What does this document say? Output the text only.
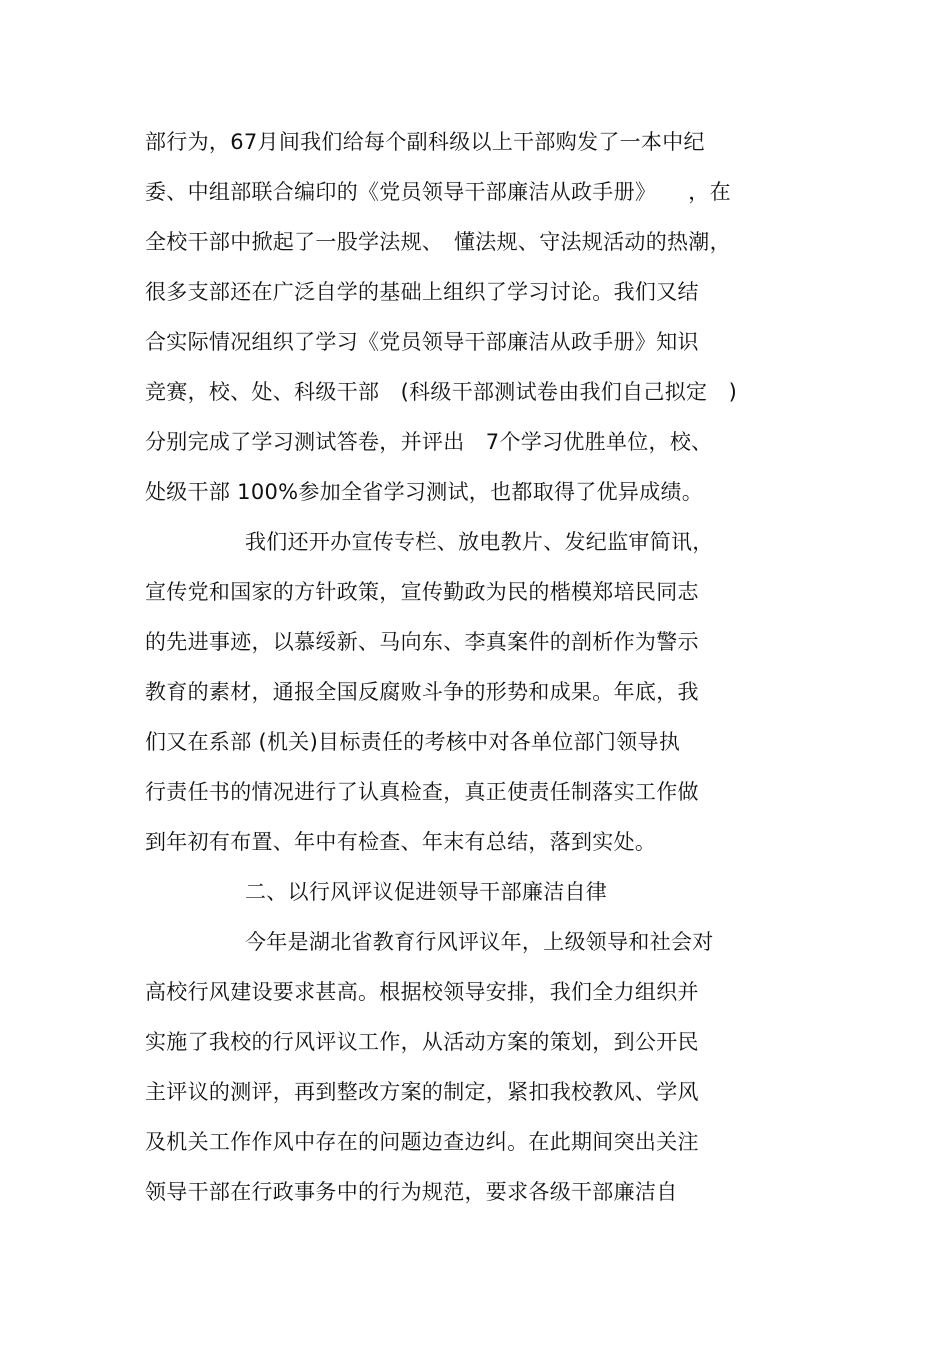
部行为，67月间我们给每个副科级以上干部购发了一本中纪
委、中组部联合编印的《党员领导干部廉洁从政手册》　　，在
全校干部中掀起了一股学法规、　懂法规、守法规活动的热潮，
很多支部还在广泛自学的基础上组织了学习讨论。我们又结
合实际情况组织了学习《党员领导干部廉洁从政手册》知识
竞赛，校、处、科级干部　(科级干部测试卷由我们自己拟定　)
分别完成了学习测试答卷，并评出　7个学习优胜单位，校、
处级干部 100%参加全省学习测试，也都取得了优异成绩。
我们还开办宣传专栏、放电教片、发纪监审简讯，
宣传党和国家的方针政策，宣传勤政为民的楷模郑培民同志
的先进事迹，以慕绥新、马向东、李真案件的剖析作为警示
教育的素材，通报全国反腐败斗争的形势和成果。年底，我
们又在系部 (机关)目标责任的考核中对各单位部门领导执
行责任书的情况进行了认真检查，真正使责任制落实工作做
到年初有布置、年中有检查、年末有总结，落到实处。
二、以行风评议促进领导干部廉洁自律
今年是湖北省教育行风评议年，上级领导和社会对
高校行风建设要求甚高。根据校领导安排，我们全力组织并
实施了我校的行风评议工作，从活动方案的策划，到公开民
主评议的测评，再到整改方案的制定，紧扣我校教风、学风
及机关工作作风中存在的问题边查边纠。在此期间突出关注
领导干部在行政事务中的行为规范，要求各级干部廉洁自
